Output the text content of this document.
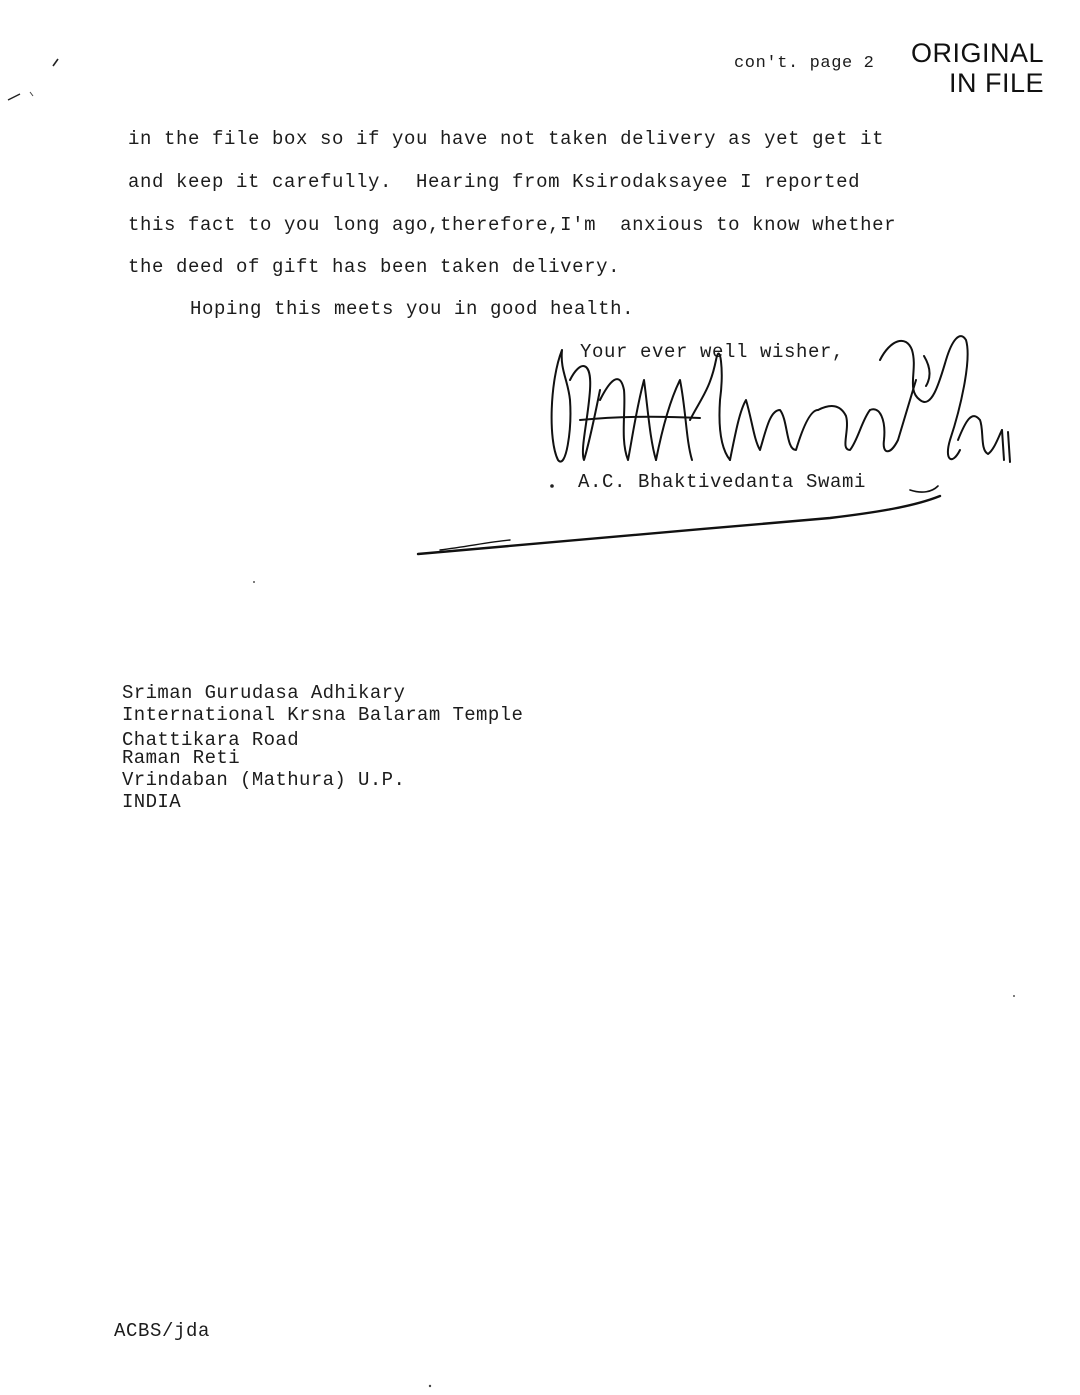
con't. page 2 ORIGINAL
IN FILE
in the file box so if you have not taken delivery as yet get it
and keep it carefully.  Hearing from Ksirodaksayee I reported
this fact to you long ago,therefore,I'm  anxious to know whether
the deed of gift has been taken delivery.
Hoping this meets you in good health.
Your ever well wisher,
A.C. Bhaktivedanta Swami
Sriman Gurudasa Adhikary
International Krsna Balaram Temple
Chattikara Road
Raman Reti
Vrindaban (Mathura) U.P.
INDIA
ACBS/jda
